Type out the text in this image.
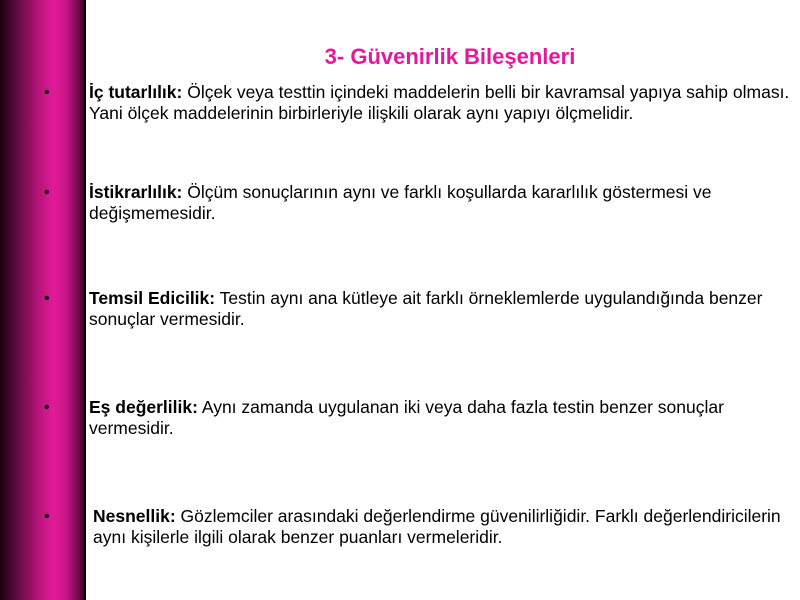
3- Güvenirlik Bileşenleri
• İç tutarlılık: Ölçek veya testtin içindeki maddelerin belli bir kavramsal yapıya sahip olması. Yani ölçek maddelerinin birbirleriyle ilişkili olarak aynı yapıyı ölçmelidir.
• İstikrarlılık: Ölçüm sonuçlarının aynı ve farklı koşullarda kararlılık göstermesi ve değişmemesidir.
• Temsil Edicilik: Testin aynı ana kütleye ait farklı örneklemlerde uygulandığında benzer sonuçlar vermesidir.
• Eş değerlilik: Aynı zamanda uygulanan iki veya daha fazla testin benzer sonuçlar vermesidir.
• Nesnellik: Gözlemciler arasındaki değerlendirme güvenilirliğidir. Farklı değerlendiricilerin aynı kişilerle ilgili olarak benzer puanları vermeleridir.
